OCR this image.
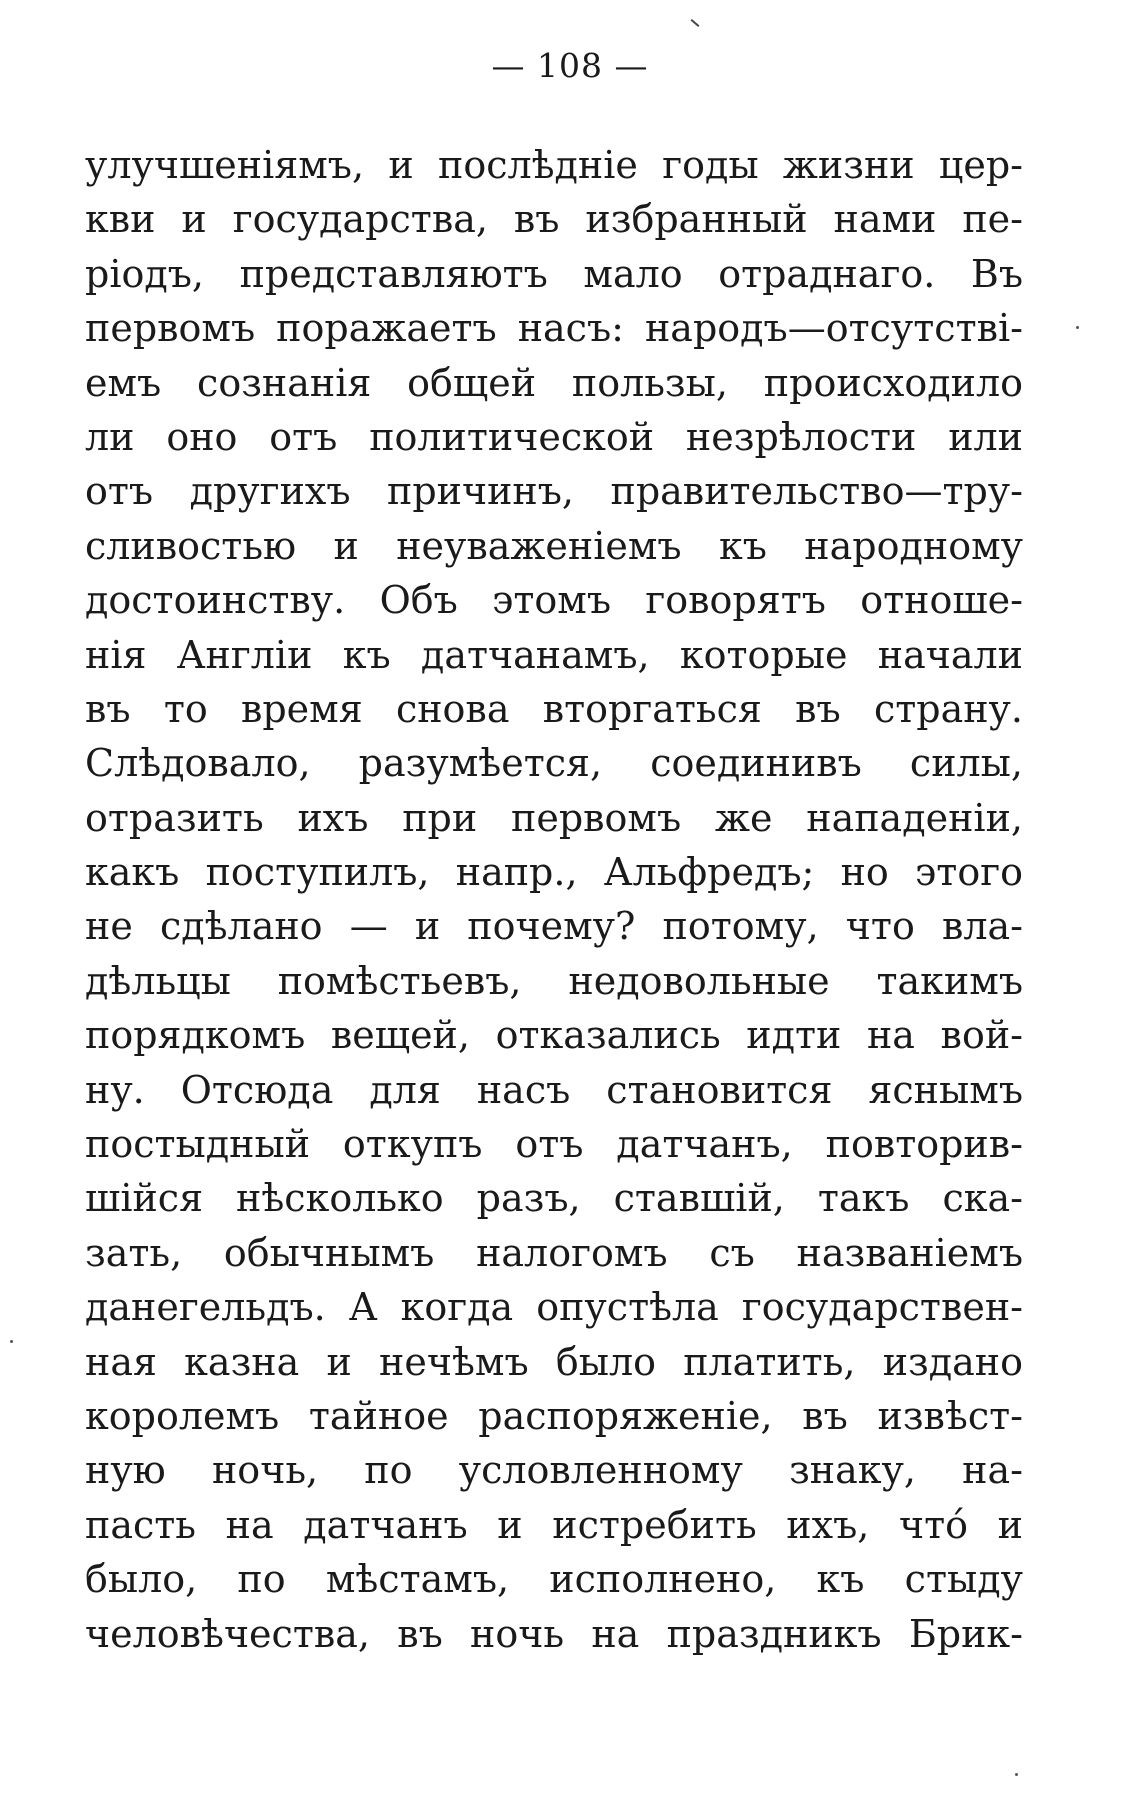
— 108 —
улучшеніямъ, и послѣдніе годы жизни цер-
кви и государства, въ избранный нами пе-
ріодъ, представляютъ мало отраднаго. Въ
первомъ поражаетъ насъ: народъ—отсутстві-
емъ сознанія общей пользы, происходило
ли оно отъ политической незрѣлости или
отъ другихъ причинъ, правительство—тру-
сливостью и неуваженіемъ къ народному
достоинству. Объ этомъ говорятъ отноше-
нія Англіи къ датчанамъ, которые начали
въ то время снова вторгаться въ страну.
Слѣдовало, разумѣется, соединивъ силы,
отразить ихъ при первомъ же нападеніи,
какъ поступилъ, напр., Альфредъ; но этого
не сдѣлано — и почему? потому, что вла-
дѣльцы помѣстьевъ, недовольные такимъ
порядкомъ вещей, отказались идти на вой-
ну. Отсюда для насъ становится яснымъ
постыдный откупъ отъ датчанъ, повторив-
шійся нѣсколько разъ, ставшій, такъ ска-
зать, обычнымъ налогомъ съ названіемъ
данегельдъ. А когда опустѣла государствен-
ная казна и нечѣмъ было платить, издано
королемъ тайное распоряженіе, въ извѣст-
ную ночь, по условленному знаку, на-
пасть на датчанъ и истребить ихъ, что́ и
было, по мѣстамъ, исполнено, къ стыду
человѣчества, въ ночь на праздникъ Брик-
